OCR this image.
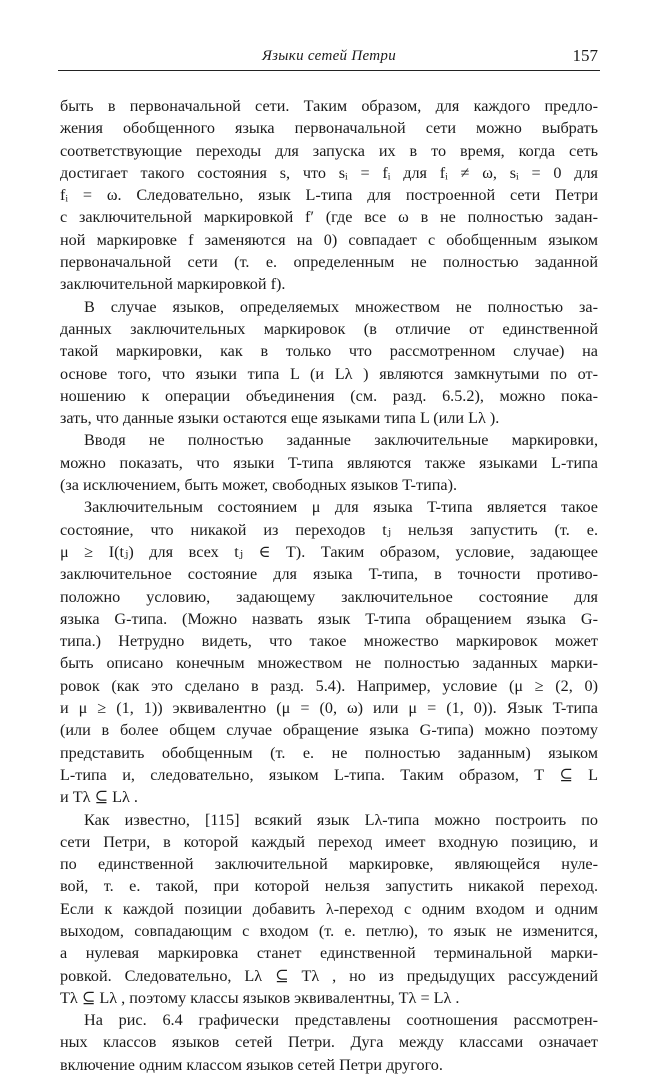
Языки сетей Петри	157
быть в первоначальной сети. Таким образом, для каждого предло-
жения обобщенного языка первоначальной сети можно выбрать
соответствующие переходы для запуска их в то время, когда сеть
достигает такого состояния s, что sᵢ = fᵢ для fᵢ ≠ ω, sᵢ = 0 для
fᵢ = ω. Следовательно, язык L-типа для построенной сети Петри
с заключительной маркировкой f′ (где все ω в не полностью задан-
ной маркировке f заменяются на 0) совпадает с обобщенным языком
первоначальной сети (т. е. определенным не полностью заданной
заключительной маркировкой f).
В случае языков, определяемых множеством не полностью за-
данных заключительных маркировок (в отличие от единственной
такой маркировки, как в только что рассмотренном случае) на
основе того, что языки типа L (и Lλ ) являются замкнутыми по от-
ношению к операции объединения (см. разд. 6.5.2), можно пока-
зать, что данные языки остаются еще языками типа L (или Lλ ).
Вводя не полностью заданные заключительные маркировки,
можно показать, что языки T-типа являются также языками L-типа
(за исключением, быть может, свободных языков T-типа).
Заключительным состоянием μ для языка T-типа является такое
состояние, что никакой из переходов tⱼ нельзя запустить (т. е.
μ ≥ I(tⱼ) для всех tⱼ ∈ T). Таким образом, условие, задающее
заключительное состояние для языка T-типа, в точности противо-
положно условию, задающему заключительное состояние для
языка G-типа. (Можно назвать язык T-типа обращением языка G-
типа.) Нетрудно видеть, что такое множество маркировок может
быть описано конечным множеством не полностью заданных марки-
ровок (как это сделано в разд. 5.4). Например, условие (μ ≥ (2, 0)
и μ ≥ (1, 1)) эквивалентно (μ = (0, ω) или μ = (1, 0)). Язык T-типа
(или в более общем случае обращение языка G-типа) можно поэтому
представить обобщенным (т. е. не полностью заданным) языком
L-типа и, следовательно, языком L-типа. Таким образом, T ⊆ L
и Tλ ⊆ Lλ .
Как известно, [115] всякий язык Lλ-типа можно построить по
сети Петри, в которой каждый переход имеет входную позицию, и
по единственной заключительной маркировке, являющейся нуле-
вой, т. е. такой, при которой нельзя запустить никакой переход.
Если к каждой позиции добавить λ-переход с одним входом и одним
выходом, совпадающим с входом (т. е. петлю), то язык не изменится,
а нулевая маркировка станет единственной терминальной марки-
ровкой. Следовательно, Lλ ⊆ Tλ , но из предыдущих рассуждений
Tλ ⊆ Lλ , поэтому классы языков эквивалентны, Tλ = Lλ .
На рис. 6.4 графически представлены соотношения рассмотрен-
ных классов языков сетей Петри. Дуга между классами означает
включение одним классом языков сетей Петри другого.
